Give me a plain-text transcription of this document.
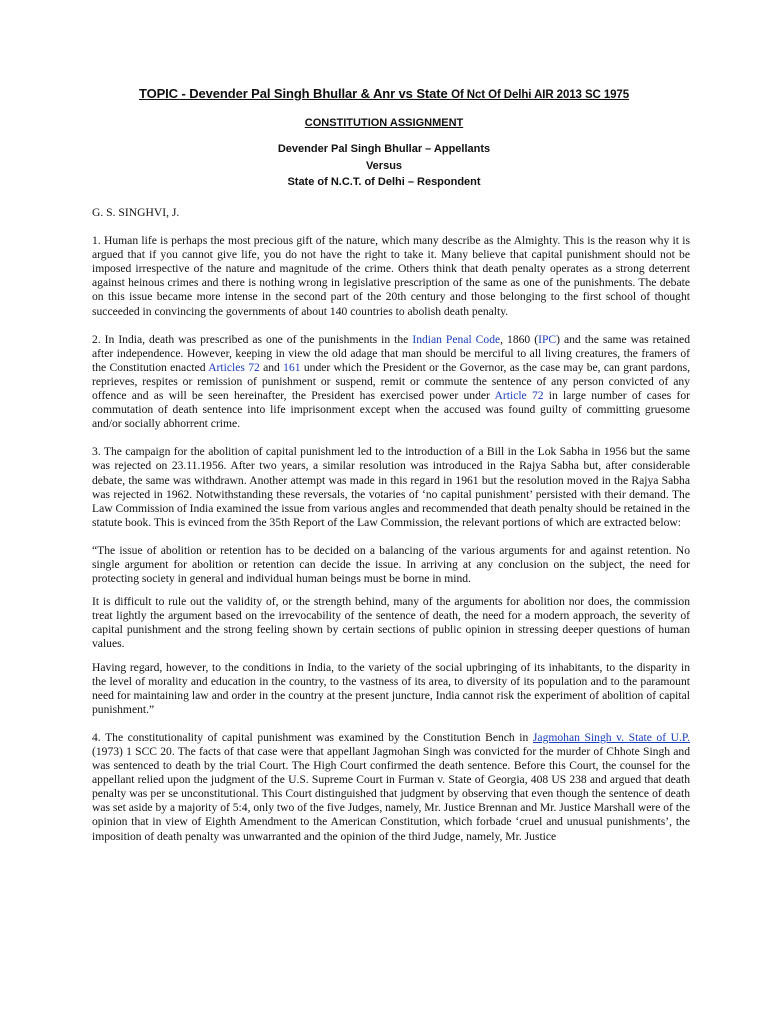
TOPIC - Devender Pal Singh Bhullar & Anr vs State Of Nct Of Delhi AIR 2013 SC 1975
CONSTITUTION ASSIGNMENT
Devender Pal Singh Bhullar – Appellants
Versus
State of N.C.T. of Delhi – Respondent

G. S. SINGHVI, J.

1. Human life is perhaps the most precious gift of the nature, which many describe as the Almighty. This is the reason why it is argued that if you cannot give life, you do not have the right to take it. Many believe that capital punishment should not be imposed irrespective of the nature and magnitude of the crime. Others think that death penalty operates as a strong deterrent against heinous crimes and there is nothing wrong in legislative prescription of the same as one of the punishments. The debate on this issue became more intense in the second part of the 20th century and those belonging to the first school of thought succeeded in convincing the governments of about 140 countries to abolish death penalty.

2. In India, death was prescribed as one of the punishments in the Indian Penal Code, 1860 (IPC) and the same was retained after independence. However, keeping in view the old adage that man should be merciful to all living creatures, the framers of the Constitution enacted Articles 72 and 161 under which the President or the Governor, as the case may be, can grant pardons, reprieves, respites or remission of punishment or suspend, remit or commute the sentence of any person convicted of any offence and as will be seen hereinafter, the President has exercised power under Article 72 in large number of cases for commutation of death sentence into life imprisonment except when the accused was found guilty of committing gruesome and/or socially abhorrent crime.

3. The campaign for the abolition of capital punishment led to the introduction of a Bill in the Lok Sabha in 1956 but the same was rejected on 23.11.1956. After two years, a similar resolution was introduced in the Rajya Sabha but, after considerable debate, the same was withdrawn. Another attempt was made in this regard in 1961 but the resolution moved in the Rajya Sabha was rejected in 1962. Notwithstanding these reversals, the votaries of ‘no capital punishment’ persisted with their demand. The Law Commission of India examined the issue from various angles and recommended that death penalty should be retained in the statute book. This is evinced from the 35th Report of the Law Commission, the relevant portions of which are extracted below:

“The issue of abolition or retention has to be decided on a balancing of the various arguments for and against retention. No single argument for abolition or retention can decide the issue. In arriving at any conclusion on the subject, the need for protecting society in general and individual human beings must be borne in mind.

It is difficult to rule out the validity of, or the strength behind, many of the arguments for abolition nor does, the commission treat lightly the argument based on the irrevocability of the sentence of death, the need for a modern approach, the severity of capital punishment and the strong feeling shown by certain sections of public opinion in stressing deeper questions of human values.

Having regard, however, to the conditions in India, to the variety of the social upbringing of its inhabitants, to the disparity in the level of morality and education in the country, to the vastness of its area, to diversity of its population and to the paramount need for maintaining law and order in the country at the present juncture, India cannot risk the experiment of abolition of capital punishment.”

4. The constitutionality of capital punishment was examined by the Constitution Bench in Jagmohan Singh v. State of U.P. (1973) 1 SCC 20. The facts of that case were that appellant Jagmohan Singh was convicted for the murder of Chhote Singh and was sentenced to death by the trial Court. The High Court confirmed the death sentence. Before this Court, the counsel for the appellant relied upon the judgment of the U.S. Supreme Court in Furman v. State of Georgia, 408 US 238 and argued that death penalty was per se unconstitutional. This Court distinguished that judgment by observing that even though the sentence of death was set aside by a majority of 5:4, only two of the five Judges, namely, Mr. Justice Brennan and Mr. Justice Marshall were of the opinion that in view of Eighth Amendment to the American Constitution, which forbade ‘cruel and unusual punishments’, the imposition of death penalty was unwarranted and the opinion of the third Judge, namely, Mr. Justice
